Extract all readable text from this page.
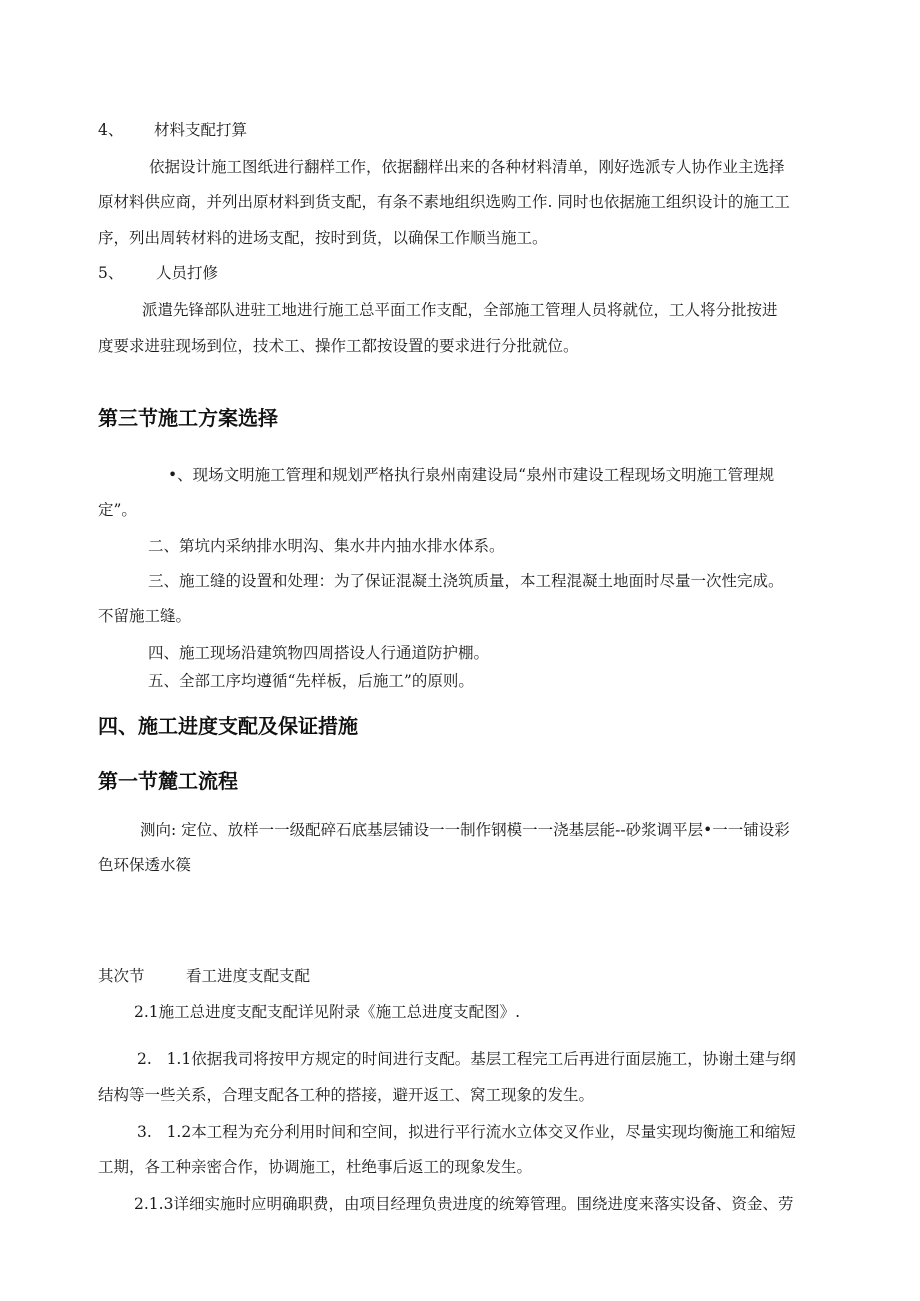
4、 材料支配打算
依据设计施工图纸进行翻样工作，依据翻样出来的各种材料清单，刚好选派专人协作业主选择
原材料供应商，并列出原材料到货支配，有条不素地组织选购工作. 同时也依据施工组织设计的施工工
序，列出周转材料的进场支配，按时到货，以确保工作顺当施工。
5、 人员打修
派遣先锋部队进驻工地进行施工总平面工作支配，全部施工管理人员将就位，工人将分批按进
度要求进驻现场到位，技术工、操作工都按设置的要求进行分批就位。
第三节施工方案选择
•、现场文明施工管理和规划严格执行泉州南建设局“泉州市建设工程现场文明施工管理规
定”。
二、第坑内采纳排水明沟、集水井内抽水排水体系。
三、施工缝的设置和处理：为了保证混凝土浇筑质量，本工程混凝土地面时尽量一次性完成。
不留施工缝。
四、施工现场沿建筑物四周搭设人行通道防护棚。
五、全部工序均遵循“先样板，后施工”的原则。
四、施工进度支配及保证措施
第一节麓工流程
测向: 定位、放样一一级配碎石底基层铺设一一制作钢模一一浇基层能--砂浆调平层•一一铺设彩
色环保透水篌
其次节	看工进度支配支配
2.1施工总进度支配支配详见附录《施工总进度支配图》.
2.   1.1依据我司将按甲方规定的时间进行支配。基层工程完工后再进行面层施工，协谢土建与纲
结构等一些关系，合理支配各工种的搭接，避开返工、窝工现象的发生。
3.   1.2本工程为充分利用时间和空间，拟进行平行流水立体交叉作业，尽量实现均衡施工和缩短
工期，各工种亲密合作，协调施工，杜绝事后返工的现象发生。
2.1.3详细实施时应明确职费，由项目经理负贵进度的统筹管理。围绕进度来落实设备、资金、劳
